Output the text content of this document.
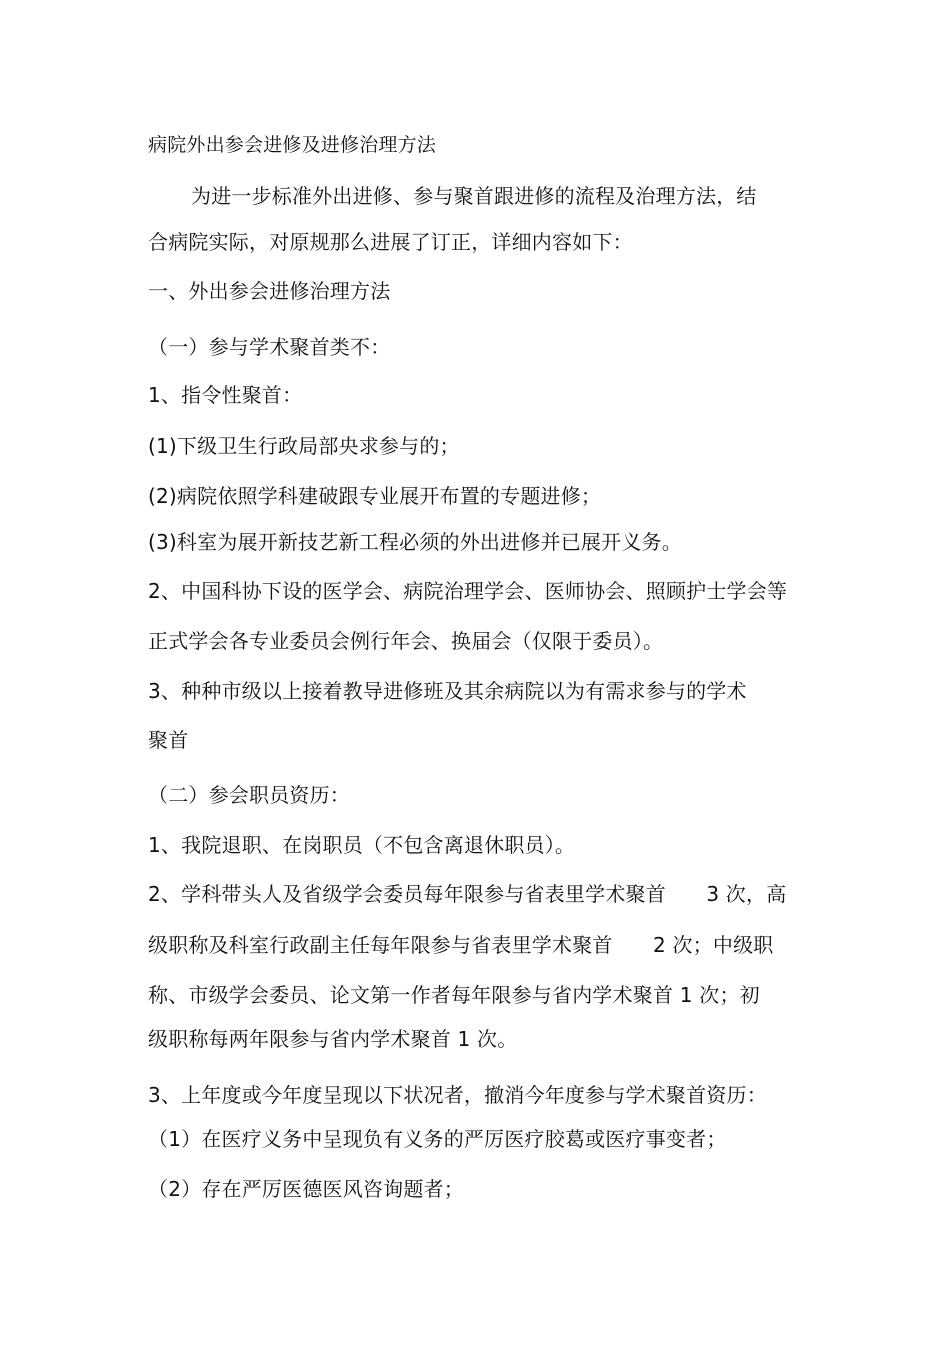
病院外出参会进修及进修治理方法
为进一步标准外出进修、参与聚首跟进修的流程及治理方法，结
合病院实际，对原规那么进展了订正，详细内容如下：
一、外出参会进修治理方法
（一）参与学术聚首类不：
1、指令性聚首：
(1)下级卫生行政局部央求参与的；
(2)病院依照学科建破跟专业展开布置的专题进修；
(3)科室为展开新技艺新工程必须的外出进修并已展开义务。
2、中国科协下设的医学会、病院治理学会、医师协会、照顾护士学会等
正式学会各专业委员会例行年会、换届会（仅限于委员）。
3、种种市级以上接着教导进修班及其余病院以为有需求参与的学术
聚首
（二）参会职员资历：
1、我院退职、在岗职员（不包含离退休职员）。
2、学科带头人及省级学会委员每年限参与省表里学术聚首　　3 次，高
级职称及科室行政副主任每年限参与省表里学术聚首　　2 次；中级职
称、市级学会委员、论文第一作者每年限参与省内学术聚首 1 次；初
级职称每两年限参与省内学术聚首 1 次。
3、上年度或今年度呈现以下状况者，撤消今年度参与学术聚首资历：
（1）在医疗义务中呈现负有义务的严厉医疗胶葛或医疗事变者；
（2）存在严厉医德医风咨询题者；
